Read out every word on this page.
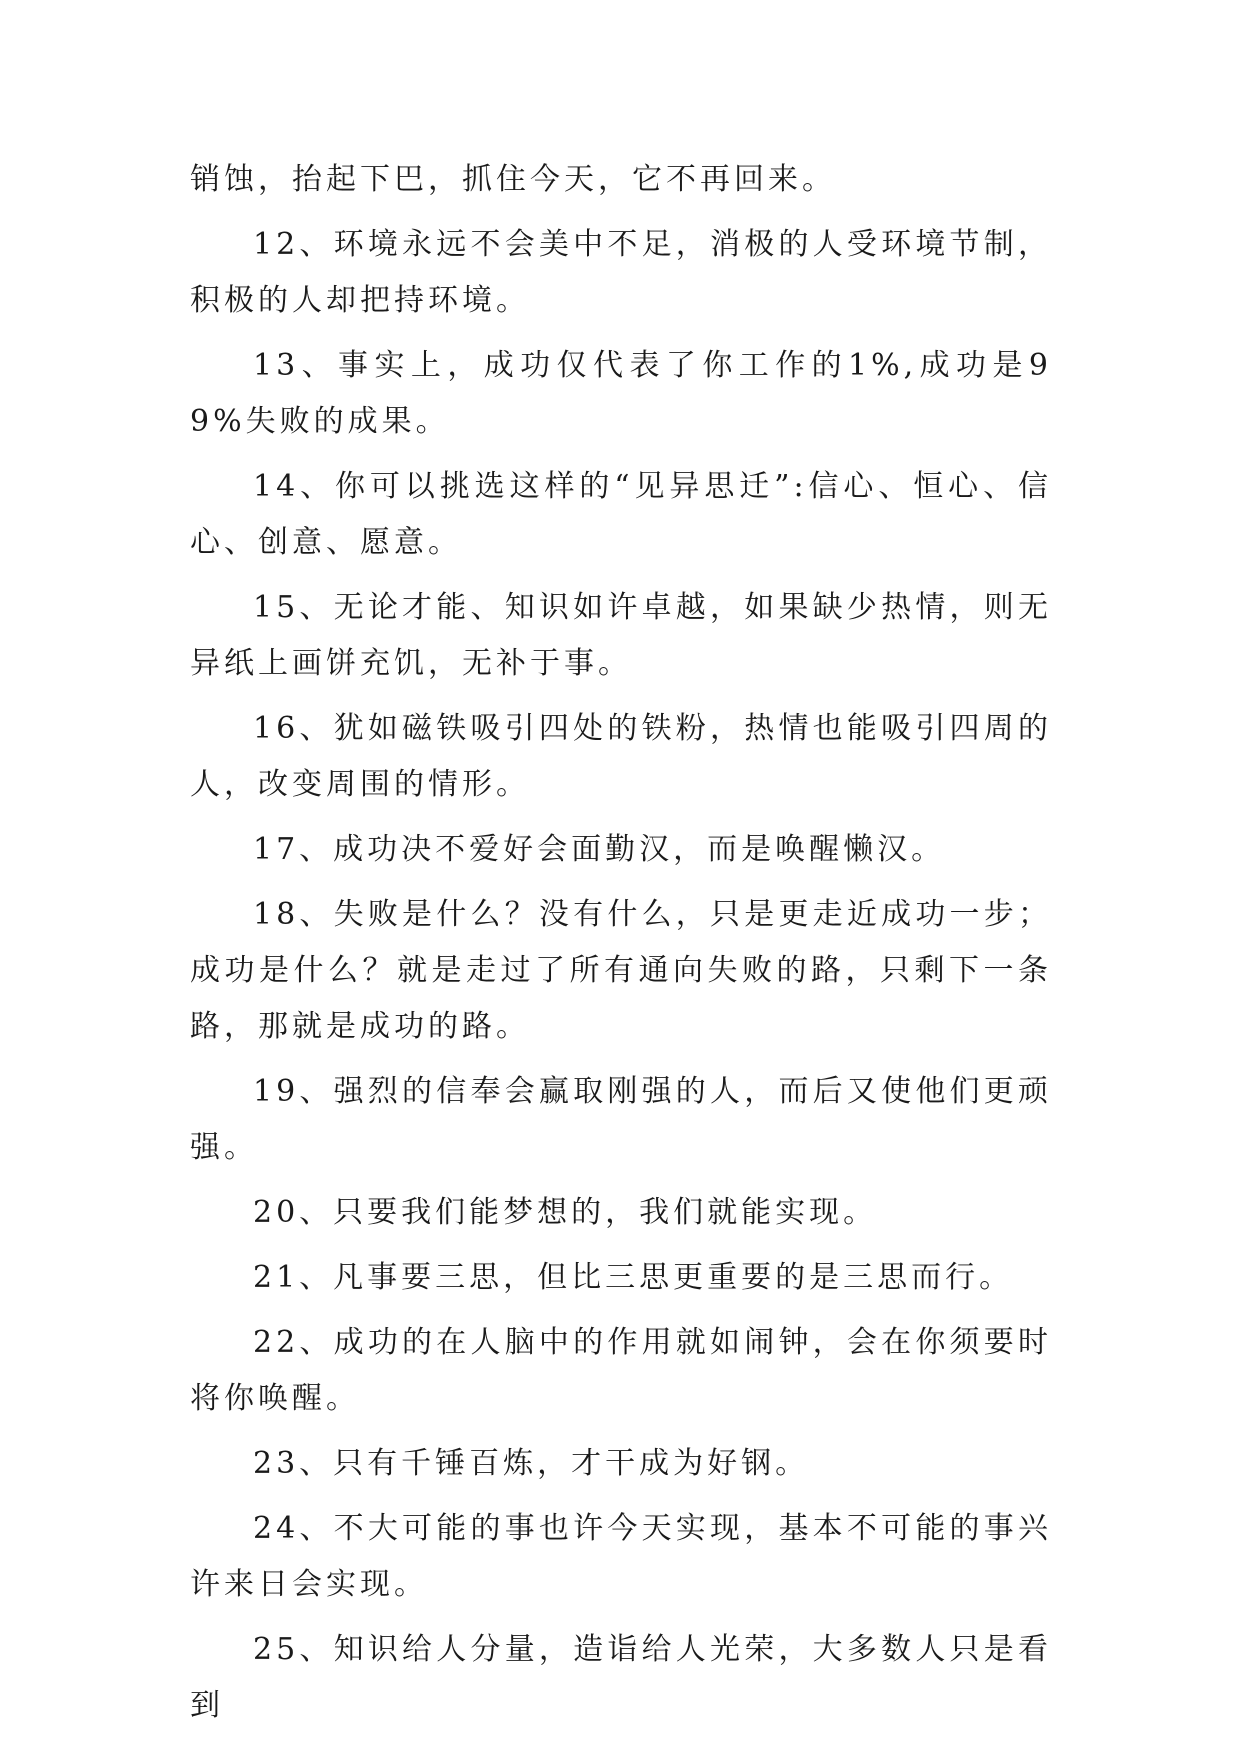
销蚀，抬起下巴，抓住今天，它不再回来。

12、环境永远不会美中不足，消极的人受环境节制，积极的人却把持环境。

13、事实上，成功仅代表了你工作的1%,成功是99%失败的成果。

14、你可以挑选这样的“见异思迁”:信心、恒心、信心、创意、愿意。

15、无论才能、知识如许卓越，如果缺少热情，则无异纸上画饼充饥，无补于事。

16、犹如磁铁吸引四处的铁粉，热情也能吸引四周的人，改变周围的情形。

17、成功决不爱好会面勤汉，而是唤醒懒汉。

18、失败是什么？没有什么，只是更走近成功一步；成功是什么？就是走过了所有通向失败的路，只剩下一条路，那就是成功的路。

19、强烈的信奉会赢取刚强的人，而后又使他们更顽强。

20、只要我们能梦想的，我们就能实现。

21、凡事要三思，但比三思更重要的是三思而行。

22、成功的在人脑中的作用就如闹钟，会在你须要时将你唤醒。

23、只有千锤百炼，才干成为好钢。

24、不大可能的事也许今天实现，基本不可能的事兴许来日会实现。

25、知识给人分量，造诣给人光荣，大多数人只是看到
